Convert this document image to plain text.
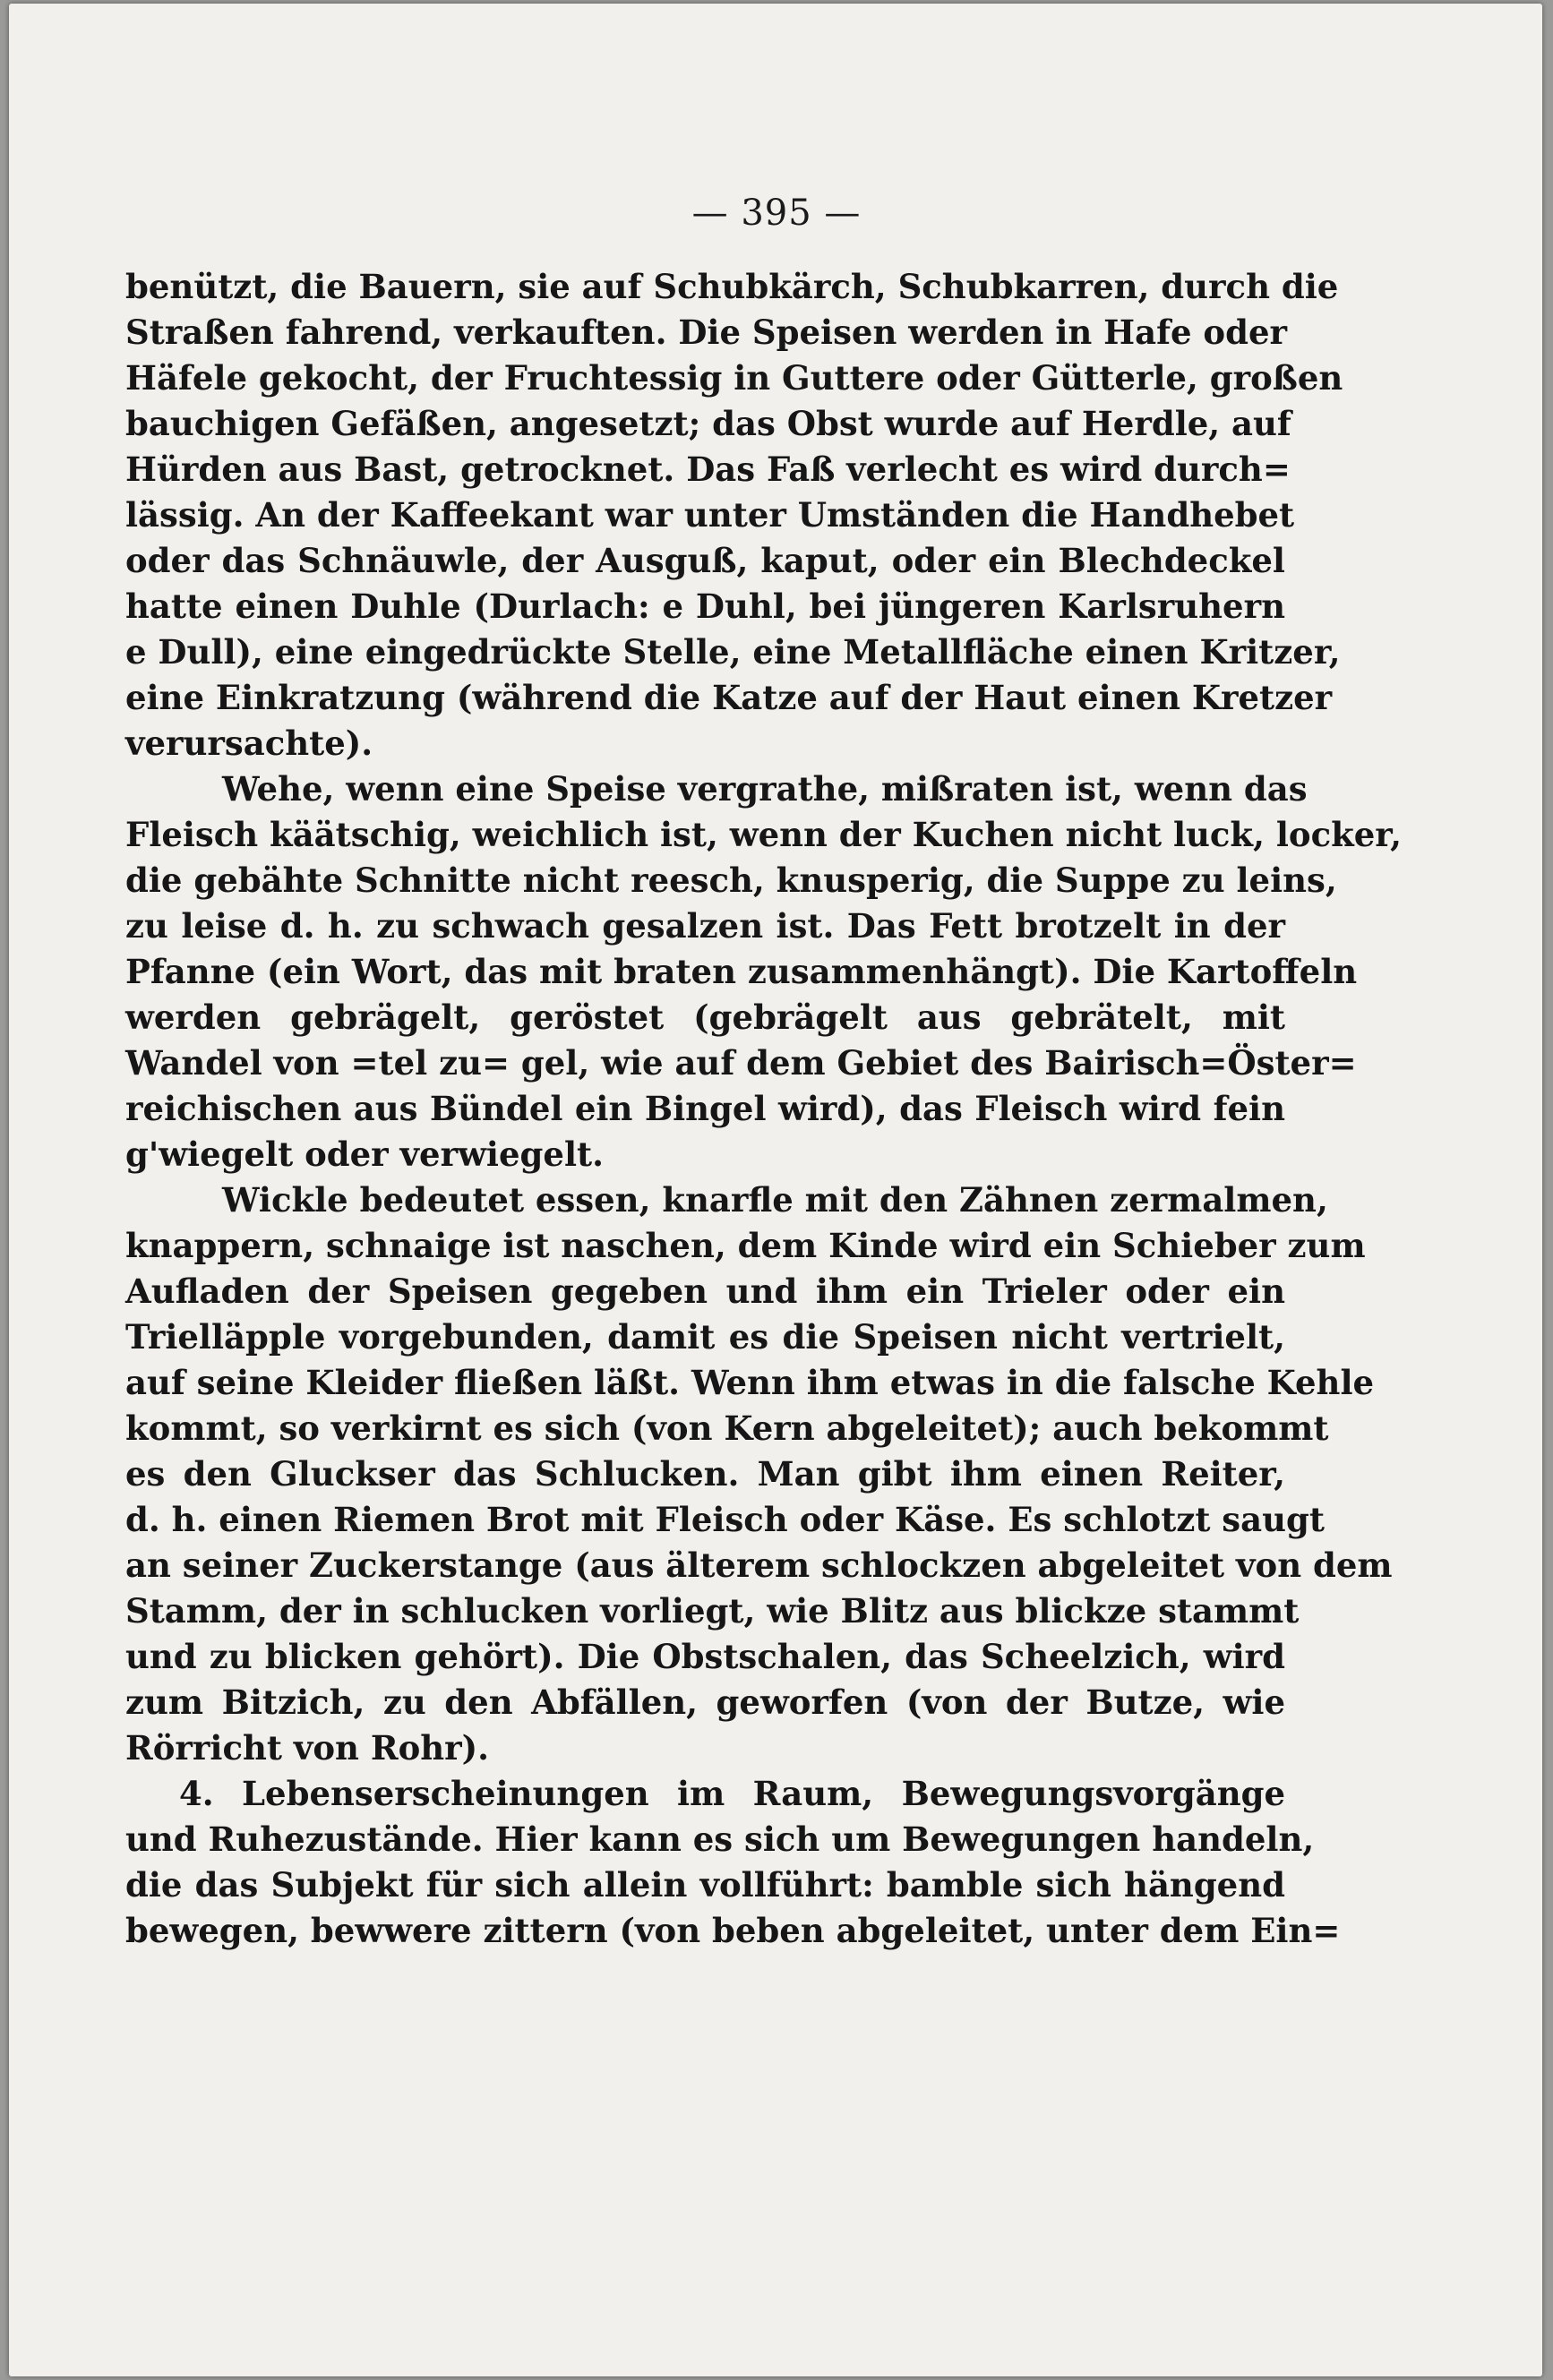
— 395 —
benützt, die Bauern, sie auf Schubkärch, Schubkarren, durch die
Straßen fahrend, verkauften. Die Speisen werden in Hafe oder
Häfele gekocht, der Fruchtessig in Guttere oder Gütterle, großen
bauchigen Gefäßen, angesetzt; das Obst wurde auf Herdle, auf
Hürden aus Bast, getrocknet. Das Faß verlecht es wird durch=
lässig. An der Kaffeekant war unter Umständen die Handhebet
oder das Schnäuwle, der Ausguß, kaput, oder ein Blechdeckel
hatte einen Duhle (Durlach: e Duhl, bei jüngeren Karlsruhern
e Dull), eine eingedrückte Stelle, eine Metallfläche einen Kritzer,
eine Einkratzung (während die Katze auf der Haut einen Kretzer
verursachte).
Wehe, wenn eine Speise vergrathe, mißraten ist, wenn das
Fleisch käätschig, weichlich ist, wenn der Kuchen nicht luck, locker,
die gebähte Schnitte nicht reesch, knusperig, die Suppe zu leins,
zu leise d. h. zu schwach gesalzen ist. Das Fett brotzelt in der
Pfanne (ein Wort, das mit braten zusammenhängt). Die Kartoffeln
werden gebrägelt, geröstet (gebrägelt aus gebrätelt, mit
Wandel von =tel zu= gel, wie auf dem Gebiet des Bairisch=Öster=
reichischen aus Bündel ein Bingel wird), das Fleisch wird fein
g'wiegelt oder verwiegelt.
Wickle bedeutet essen, knarfle mit den Zähnen zermalmen,
knappern, schnaige ist naschen, dem Kinde wird ein Schieber zum
Aufladen der Speisen gegeben und ihm ein Trieler oder ein
Trielläpple vorgebunden, damit es die Speisen nicht vertrielt,
auf seine Kleider fließen läßt. Wenn ihm etwas in die falsche Kehle
kommt, so verkirnt es sich (von Kern abgeleitet); auch bekommt
es den Gluckser das Schlucken. Man gibt ihm einen Reiter,
d. h. einen Riemen Brot mit Fleisch oder Käse. Es schlotzt saugt
an seiner Zuckerstange (aus älterem schlockzen abgeleitet von dem
Stamm, der in schlucken vorliegt, wie Blitz aus blickze stammt
und zu blicken gehört). Die Obstschalen, das Scheelzich, wird
zum Bitzich, zu den Abfällen, geworfen (von der Butze, wie
Rörricht von Rohr).
4. Lebenserscheinungen im Raum, Bewegungsvorgänge
und Ruhezustände. Hier kann es sich um Bewegungen handeln,
die das Subjekt für sich allein vollführt: bamble sich hängend
bewegen, bewwere zittern (von beben abgeleitet, unter dem Ein=
